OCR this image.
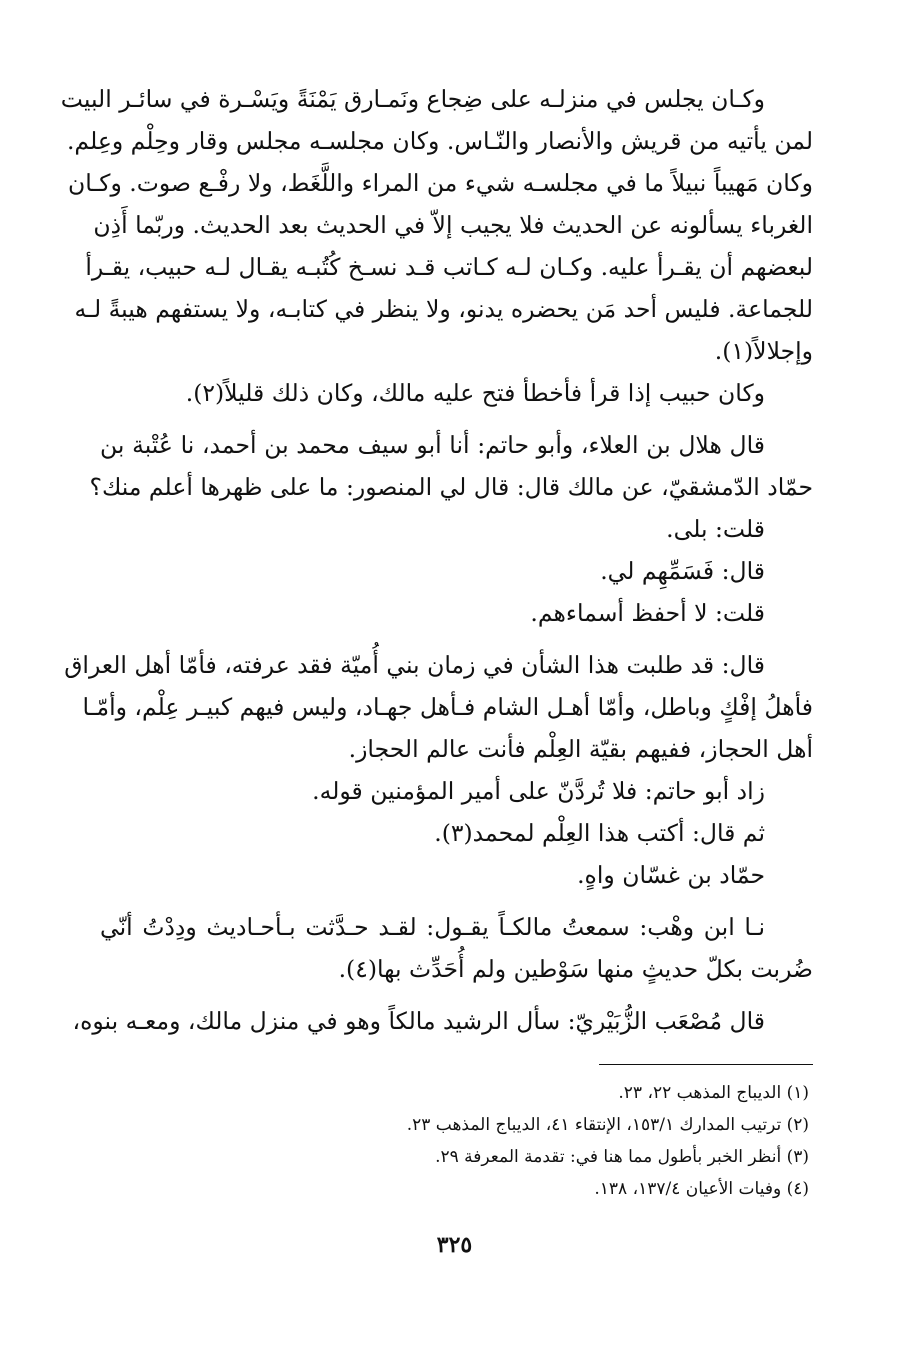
وكـان يجلس في منزلـه على ضِجاع ونَمـارق يَمْنَةً ويَسْـرة في سائـر البيت
لمن يأتيه من قريش والأنصار والنّـاس. وكان مجلسـه مجلس وقار وحِلْم وعِلم.
وكان مَهيباً نبيلاً ما في مجلسـه شيء من المراء واللَّغَط، ولا رفْـع صوت. وكـان
الغرباء يسألونه عن الحديث فلا يجيب إلاّ في الحديث بعد الحديث. وربّما أَذِن
لبعضهم أن يقـرأ عليه. وكـان لـه كـاتب قـد نسـخ كُتُبـه يقـال لـه حبيب، يقـرأ
للجماعة. فليس أحد مَن يحضره يدنو، ولا ينظر في كتابـه، ولا يستفهم هيبةً لـه
وإجلالاً(١).
وكان حبيب إذا قرأ فأخطأ فتح عليه مالك، وكان ذلك قليلاً(٢).
قال هلال بن العلاء، وأبو حاتم: أنا أبو سيف محمد بن أحمد، نا عُتْبة بن
حمّاد الدّمشقيّ، عن مالك قال: قال لي المنصور: ما على ظهرها أعلم منك؟
قلت: بلى.
قال: فَسَمِّهِم لي.
قلت: لا أحفظ أسماءهم.
قال: قد طلبت هذا الشأن في زمان بني أُميّة فقد عرفته، فأمّا أهل العراق
فأهلُ إفْكٍ وباطل، وأمّا أهـل الشام فـأهل جهـاد، وليس فيهم كبيـر عِلْم، وأمّـا
أهل الحجاز، ففيهم بقيّة العِلْم فأنت عالم الحجاز.
زاد أبو حاتم: فلا تُردَّنّ على أمير المؤمنين قوله.
ثم قال: أكتب هذا العِلْم لمحمد(٣).
حمّاد بن غسّان واهٍ.
نـا ابن وهْب: سمعتُ مالكـاً يقـول: لقـد حـدَّثت بـأحـاديث ودِدْتُ أنّي
ضُربت بكلّ حديثٍ منها سَوْطين ولم أُحَدِّث بها(٤).
قال مُصْعَب الزُّبَيْريّ: سأل الرشيد مالكاً وهو في منزل مالك، ومعـه بنوه،
(١) الديباج المذهب ٢٢، ٢٣.
(٢) ترتيب المدارك ١٥٣/١، الإنتقاء ٤١، الديباج المذهب ٢٣.
(٣) أنظر الخبر بأطول مما هنا في: تقدمة المعرفة ٢٩.
(٤) وفيات الأعيان ١٣٧/٤، ١٣٨.
٣٢٥
